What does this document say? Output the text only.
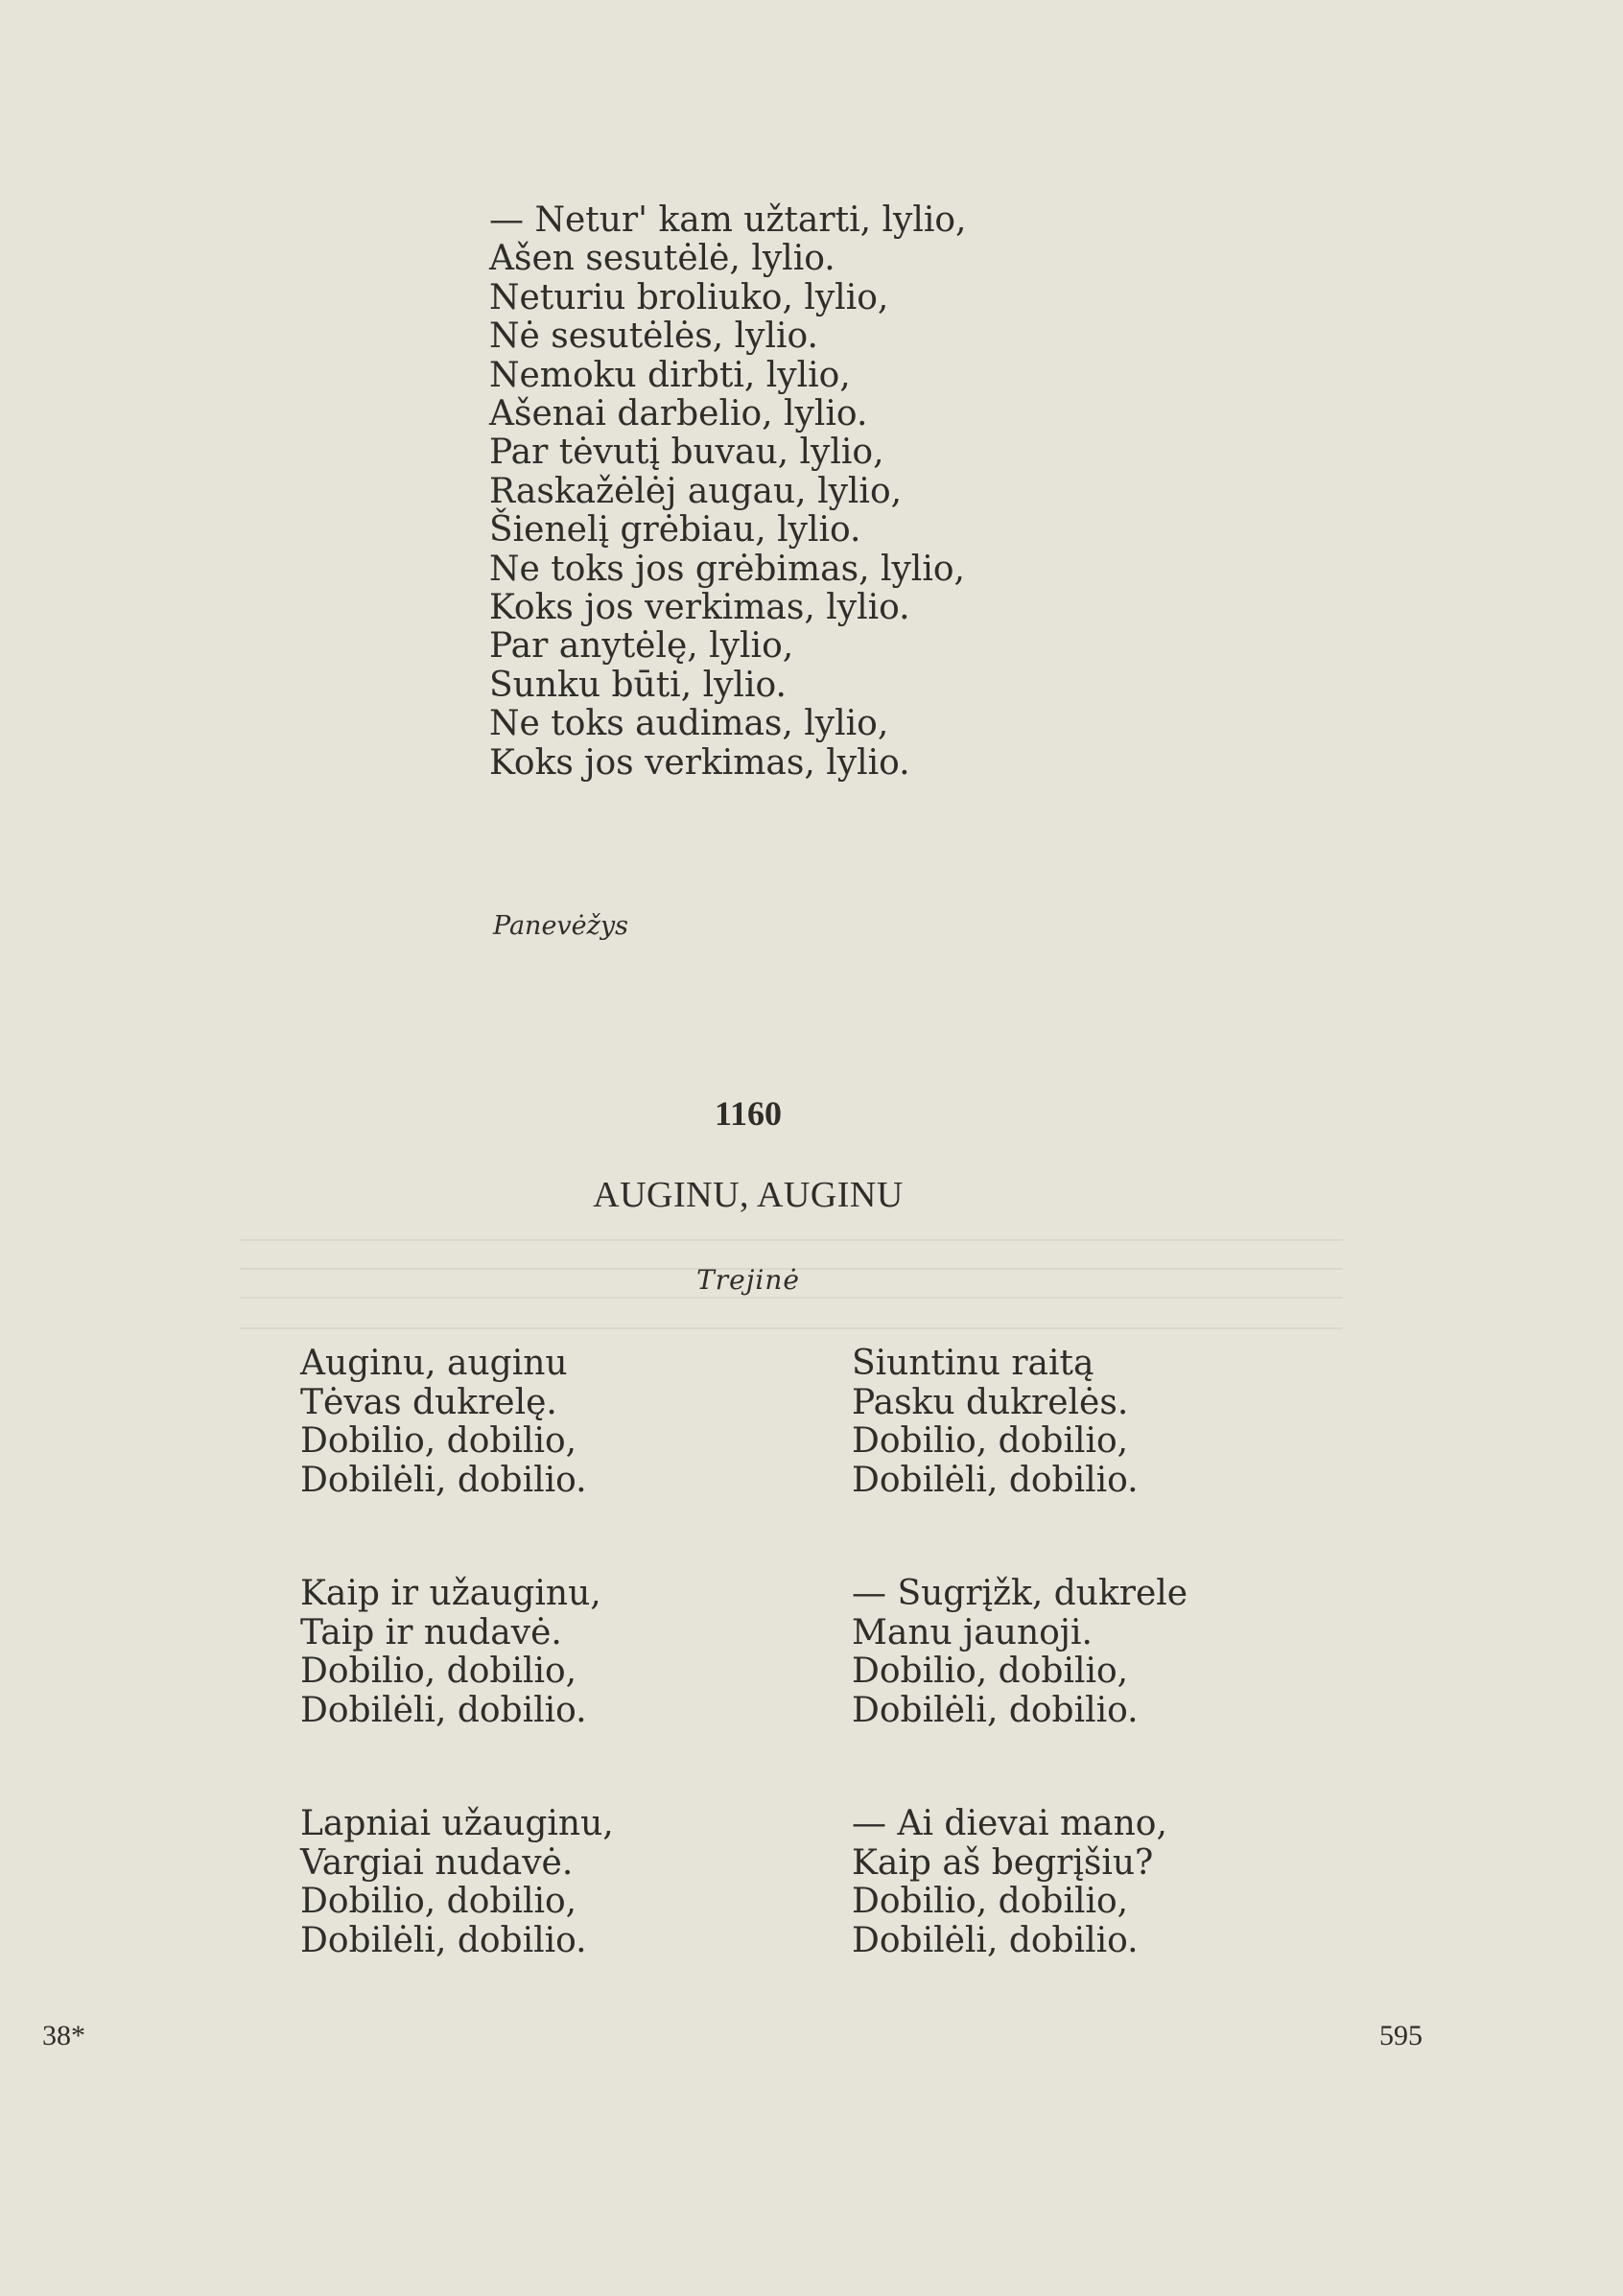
— Netur' kam užtarti, lylio,
Ašen sesutėlė, lylio.
Neturiu broliuko, lylio,
Nė sesutėlės, lylio.
Nemoku dirbti, lylio,
Ašenai darbelio, lylio.
Par tėvutį buvau, lylio,
Raskažėlėj augau, lylio,
Šienelį grėbiau, lylio.
Ne toks jos grėbimas, lylio,
Koks jos verkimas, lylio.
Par anytėlę, lylio,
Sunku būti, lylio.
Ne toks audimas, lylio,
Koks jos verkimas, lylio.
Panevėžys
1160
AUGINU, AUGINU
Trejinė
Auginu, auginu
Tėvas dukrelę.
Dobilio, dobilio,
Dobilėli, dobilio.
Kaip ir užauginu,
Taip ir nudavė.
Dobilio, dobilio,
Dobilėli, dobilio.
Lapniai užauginu,
Vargiai nudavė.
Dobilio, dobilio,
Dobilėli, dobilio.
Siuntinu raitą
Pasku dukrelės.
Dobilio, dobilio,
Dobilėli, dobilio.
— Sugrįžk, dukrele
Manu jaunoji.
Dobilio, dobilio,
Dobilėli, dobilio.
— Ai dievai mano,
Kaip aš begrįšiu?
Dobilio, dobilio,
Dobilėli, dobilio.
38*	595
